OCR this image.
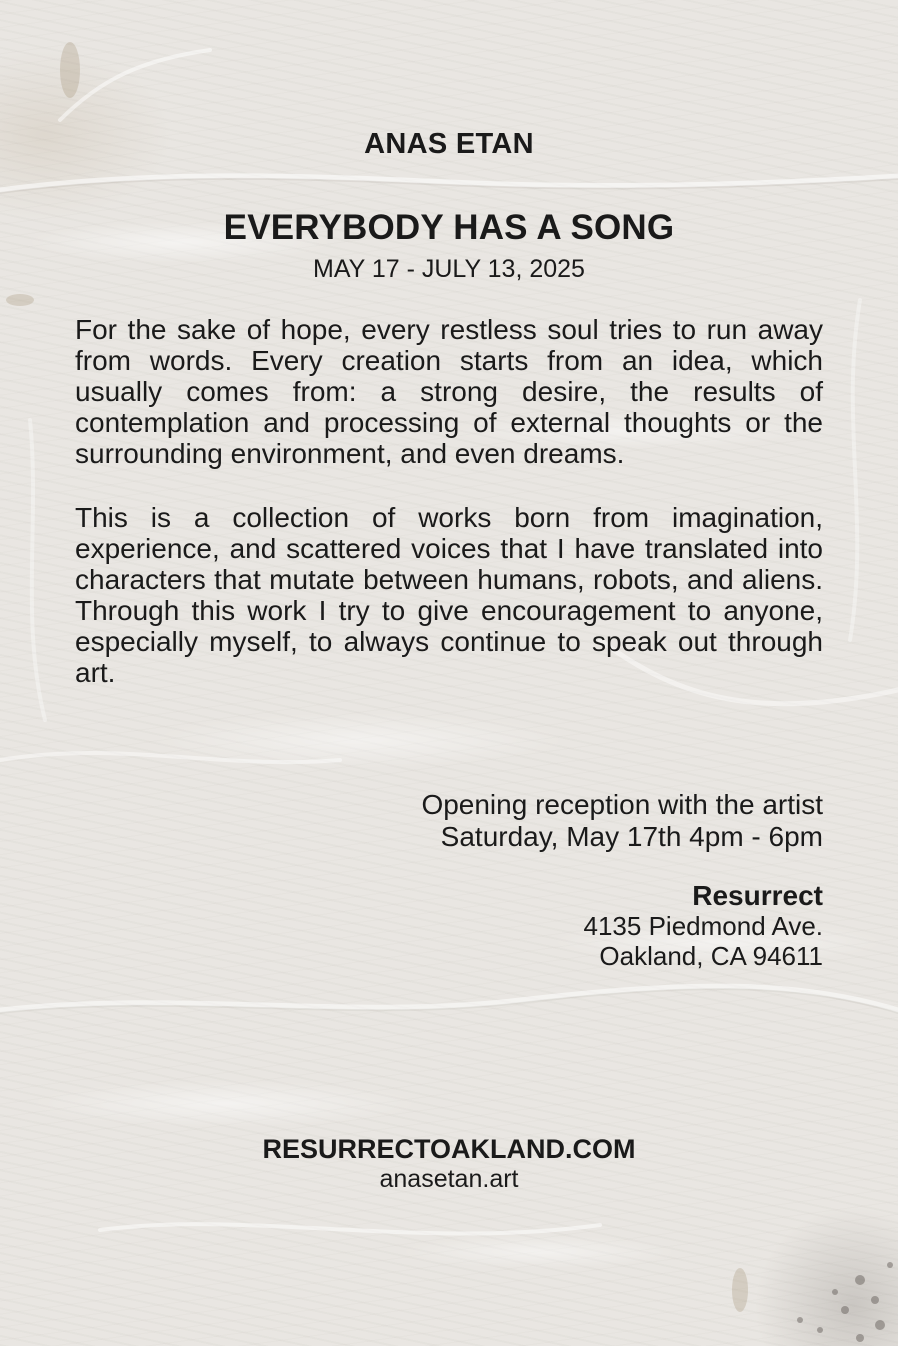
ANAS ETAN
EVERYBODY HAS A SONG
MAY 17 - JULY 13, 2025

For the sake of hope, every restless soul tries to run away from words. Every creation starts from an idea, which usually comes from: a strong desire, the results of contemplation and processing of external thoughts or the surrounding environment, and even dreams.

This is a collection of works born from imagination, experience, and scattered voices that I have translated into characters that mutate between humans, robots, and aliens. Through this work I try to give encouragement to anyone, especially myself, to always continue to speak out through art.

Opening reception with the artist
Saturday, May 17th 4pm - 6pm
Resurrect
4135 Piedmond Ave.
Oakland, CA 94611
RESURRECTOAKLAND.COM
anasetan.art
